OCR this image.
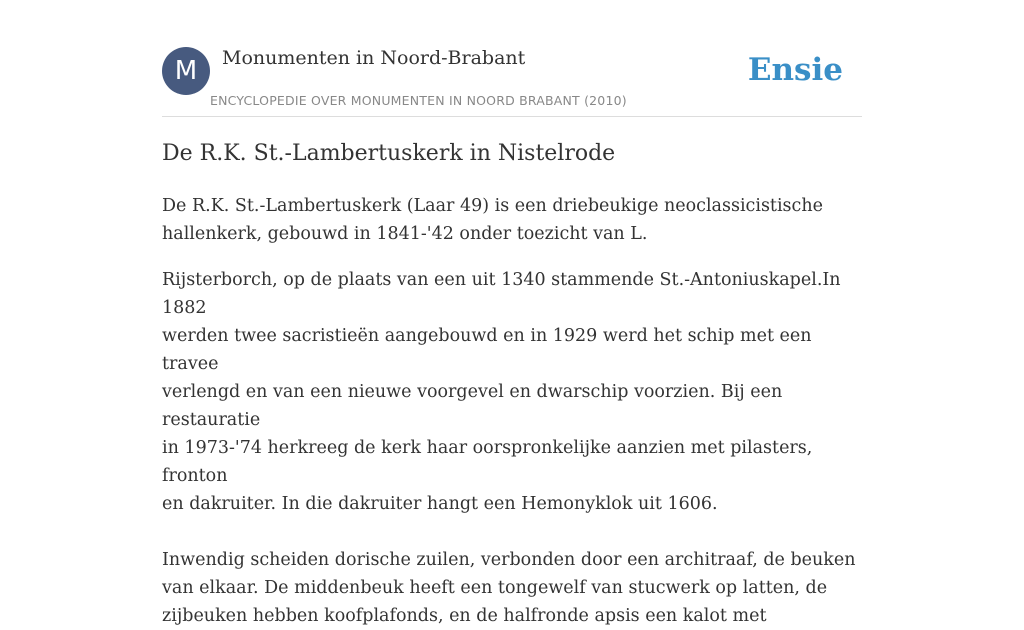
M	Monumenten in Noord-Brabant
ENCYCLOPEDIE OVER MONUMENTEN IN NOORD BRABANT (2010)
Ensie
De R.K. St.-Lambertuskerk in Nistelrode

De R.K. St.-Lambertuskerk (Laar 49) is een driebeukige neoclassicistische
hallenkerk, gebouwd in 1841-'42 onder toezicht van L.

Rijsterborch, op de plaats van een uit 1340 stammende St.-Antoniuskapel.In 1882
werden twee sacristieën aangebouwd en in 1929 werd het schip met een travee
verlengd en van een nieuwe voorgevel en dwarschip voorzien. Bij een restauratie
in 1973-'74 herkreeg de kerk haar oorspronkelijke aanzien met pilasters, fronton
en dakruiter. In die dakruiter hangt een Hemonyklok uit 1606.

Inwendig scheiden dorische zuilen, verbonden door een architraaf, de beuken
van elkaar. De middenbeuk heeft een tongewelf van stucwerk op latten, de
zijbeuken hebben koofplafonds, en de halfronde apsis een kalot met
